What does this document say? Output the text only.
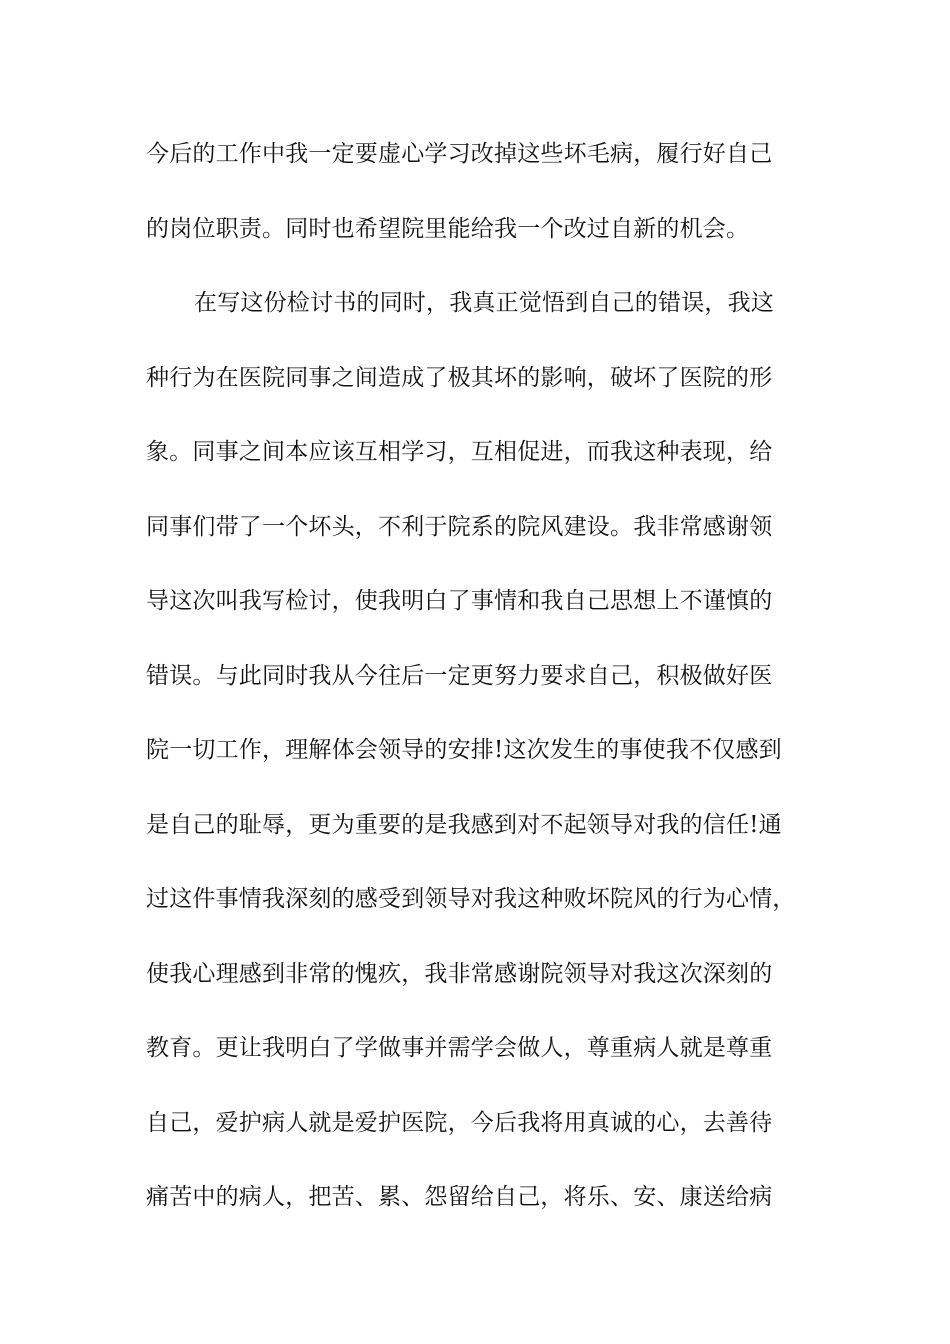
今后的工作中我一定要虚心学习改掉这些坏毛病，履行好自己
的岗位职责。同时也希望院里能给我一个改过自新的机会。
在写这份检讨书的同时，我真正觉悟到自己的错误，我这
种行为在医院同事之间造成了极其坏的影响，破坏了医院的形
象。同事之间本应该互相学习，互相促进，而我这种表现，给
同事们带了一个坏头，不利于院系的院风建设。我非常感谢领
导这次叫我写检讨，使我明白了事情和我自己思想上不谨慎的
错误。与此同时我从今往后一定更努力要求自己，积极做好医
院一切工作，理解体会领导的安排!这次发生的事使我不仅感到
是自己的耻辱，更为重要的是我感到对不起领导对我的信任!通
过这件事情我深刻的感受到领导对我这种败坏院风的行为心情，
使我心理感到非常的愧疚，我非常感谢院领导对我这次深刻的
教育。更让我明白了学做事并需学会做人，尊重病人就是尊重
自己，爱护病人就是爱护医院，今后我将用真诚的心，去善待
痛苦中的病人，把苦、累、怨留给自己，将乐、安、康送给病
